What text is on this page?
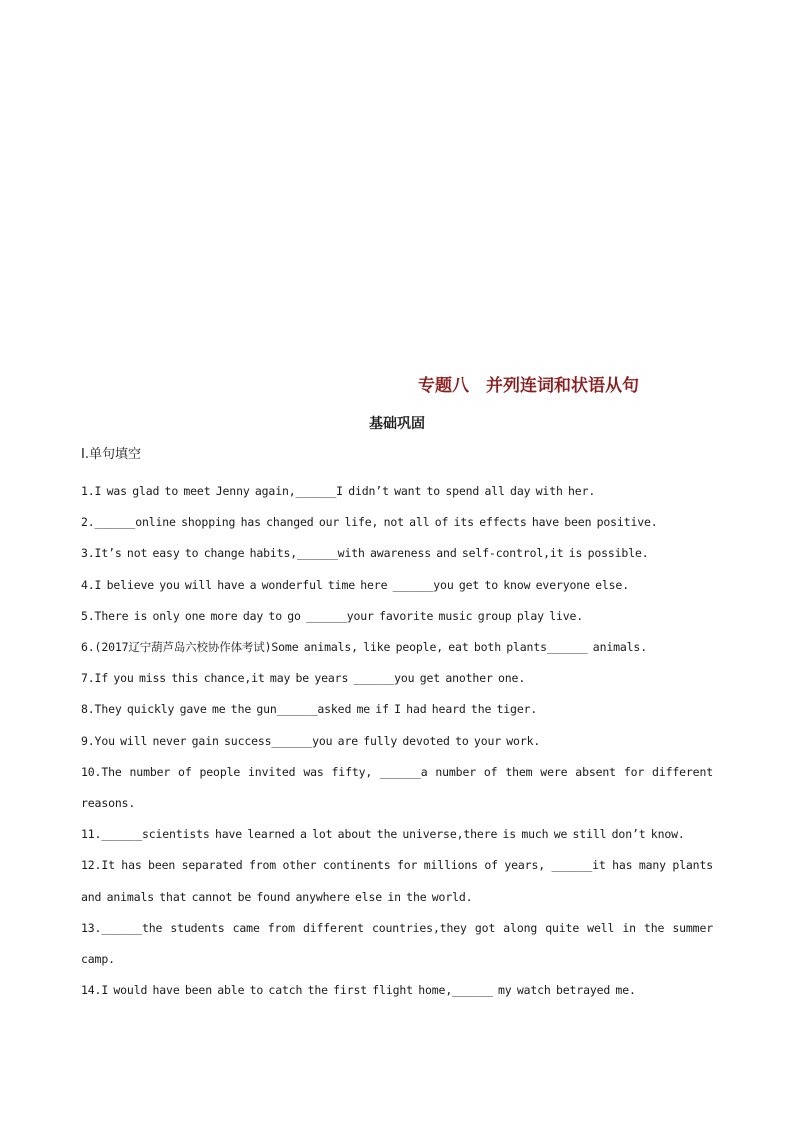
专题八　并列连词和状语从句
基础巩固

Ⅰ.单句填空

1.I was glad to meet Jenny again,______I didn’t want to spend all day with her.
2.______online shopping has changed our life, not all of its effects have been positive.
3.It’s not easy to change habits,______with awareness and self-control,it is possible.
4.I believe you will have a wonderful time here ______you get to know everyone else.
5.There is only one more day to go ______your favorite music group play live.
6.(2017辽宁葫芦岛六校协作体考试)Some animals, like people, eat both plants______ animals.
7.If you miss this chance,it may be years ______you get another one.
8.They quickly gave me the gun______asked me if I had heard the tiger.
9.You will never gain success______you are fully devoted to your work.
10.The number of people invited was fifty, ______a number of them were absent for different reasons.
11.______scientists have learned a lot about the universe,there is much we still don’t know.
12.It has been separated from other continents for millions of years, ______it has many plants and animals that cannot be found anywhere else in the world.
13.______the students came from different countries,they got along quite well in the summer camp.
14.I would have been able to catch the first flight home,______ my watch betrayed me.
